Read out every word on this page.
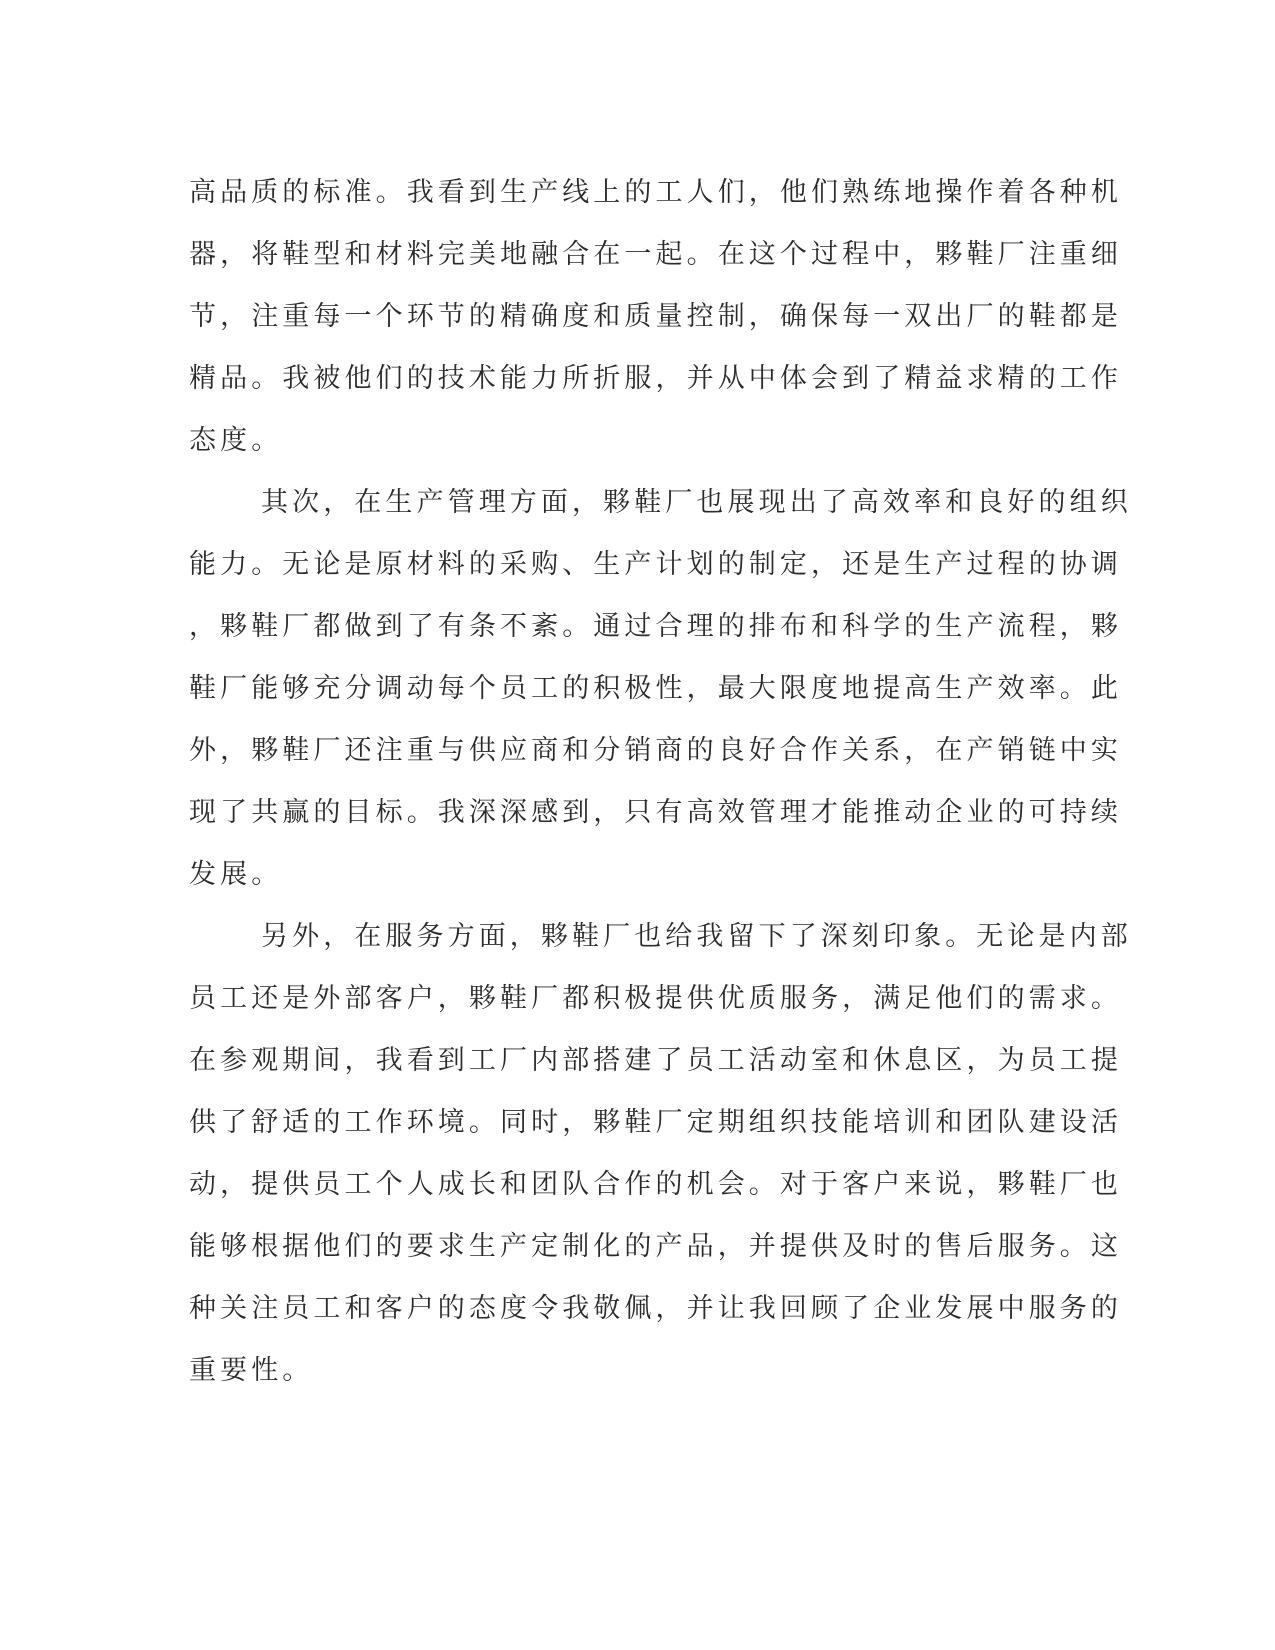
高品质的标准。我看到生产线上的工人们，他们熟练地操作着各种机
器，将鞋型和材料完美地融合在一起。在这个过程中，夥鞋厂注重细
节，注重每一个环节的精确度和质量控制，确保每一双出厂的鞋都是
精品。我被他们的技术能力所折服，并从中体会到了精益求精的工作
态度。
其次，在生产管理方面，夥鞋厂也展现出了高效率和良好的组织
能力。无论是原材料的采购、生产计划的制定，还是生产过程的协调
，夥鞋厂都做到了有条不紊。通过合理的排布和科学的生产流程，夥
鞋厂能够充分调动每个员工的积极性，最大限度地提高生产效率。此
外，夥鞋厂还注重与供应商和分销商的良好合作关系，在产销链中实
现了共赢的目标。我深深感到，只有高效管理才能推动企业的可持续
发展。
另外，在服务方面，夥鞋厂也给我留下了深刻印象。无论是内部
员工还是外部客户，夥鞋厂都积极提供优质服务，满足他们的需求。
在参观期间，我看到工厂内部搭建了员工活动室和休息区，为员工提
供了舒适的工作环境。同时，夥鞋厂定期组织技能培训和团队建设活
动，提供员工个人成长和团队合作的机会。对于客户来说，夥鞋厂也
能够根据他们的要求生产定制化的产品，并提供及时的售后服务。这
种关注员工和客户的态度令我敬佩，并让我回顾了企业发展中服务的
重要性。
